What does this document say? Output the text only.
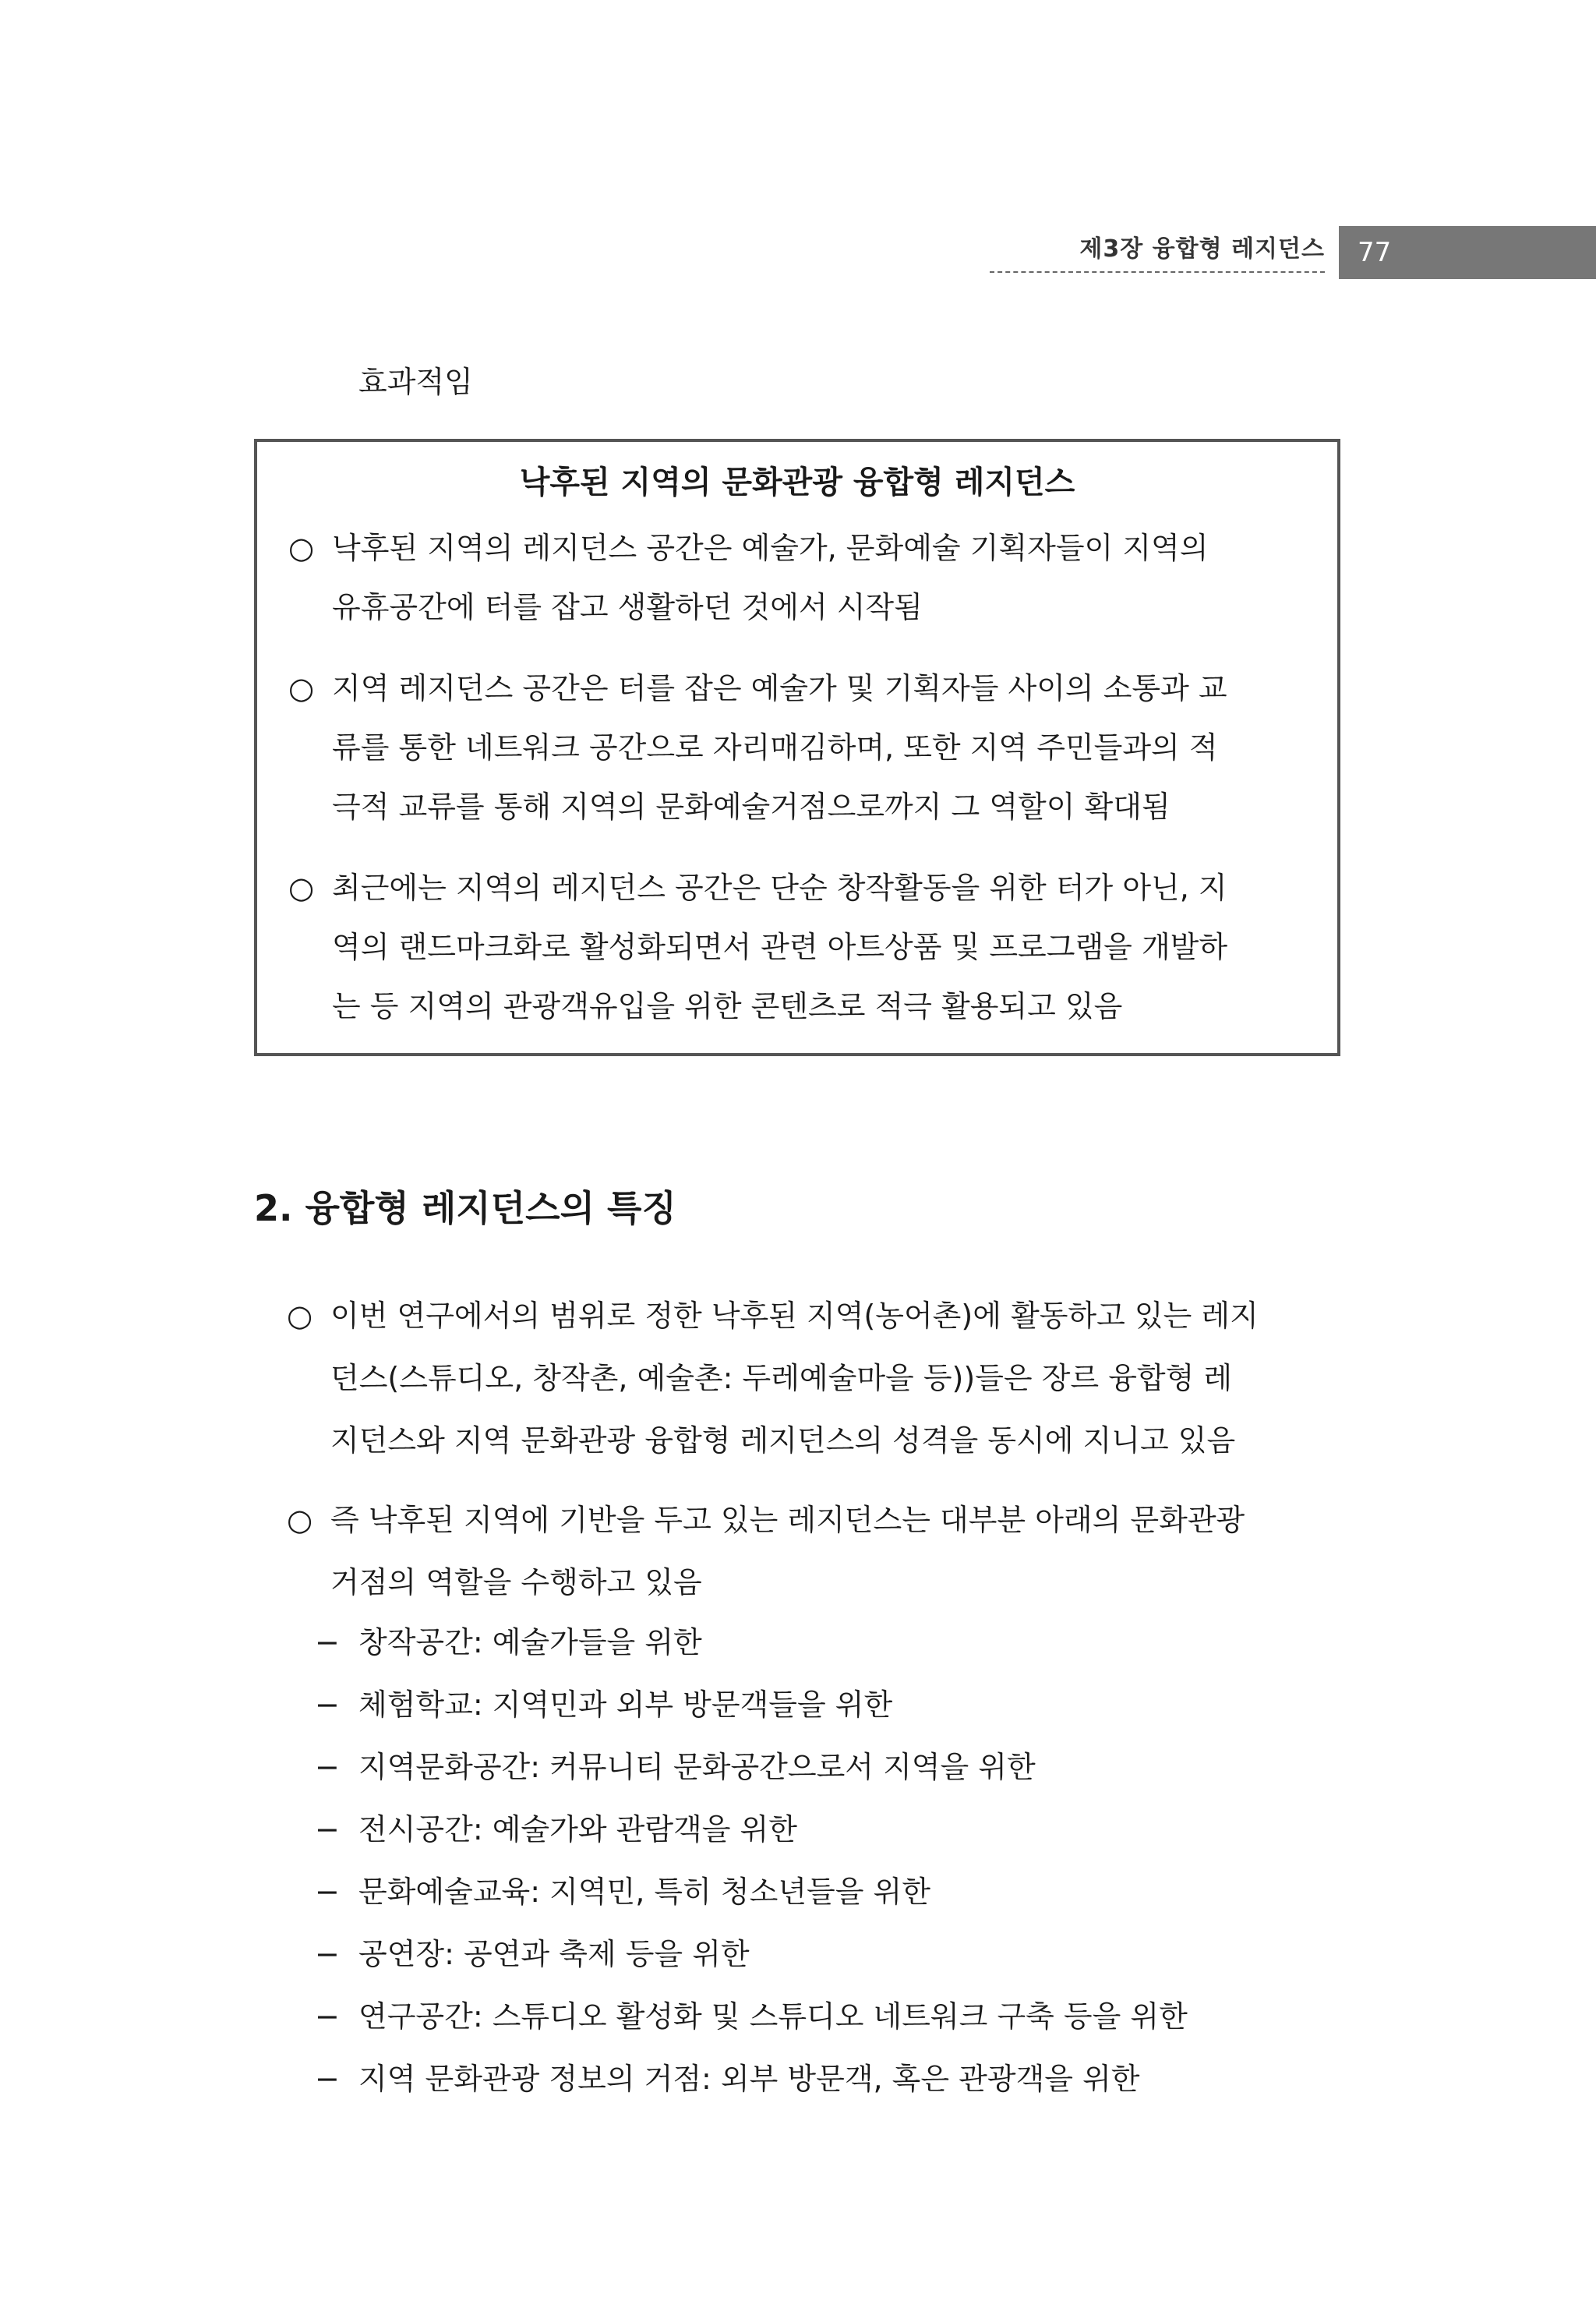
제3장 융합형 레지던스	77
효과적임
낙후된 지역의 문화관광 융합형 레지던스
○ 낙후된 지역의 레지던스 공간은 예술가, 문화예술 기획자들이 지역의
유휴공간에 터를 잡고 생활하던 것에서 시작됨
○ 지역 레지던스 공간은 터를 잡은 예술가 및 기획자들 사이의 소통과 교
류를 통한 네트워크 공간으로 자리매김하며, 또한 지역 주민들과의 적
극적 교류를 통해 지역의 문화예술거점으로까지 그 역할이 확대됨
○ 최근에는 지역의 레지던스 공간은 단순 창작활동을 위한 터가 아닌, 지
역의 랜드마크화로 활성화되면서 관련 아트상품 및 프로그램을 개발하
는 등 지역의 관광객유입을 위한 콘텐츠로 적극 활용되고 있음
2. 융합형 레지던스의 특징
○ 이번 연구에서의 범위로 정한 낙후된 지역(농어촌)에 활동하고 있는 레지
던스(스튜디오, 창작촌, 예술촌: 두레예술마을 등))들은 장르 융합형 레
지던스와 지역 문화관광 융합형 레지던스의 성격을 동시에 지니고 있음
○ 즉 낙후된 지역에 기반을 두고 있는 레지던스는 대부분 아래의 문화관광
거점의 역할을 수행하고 있음
− 창작공간: 예술가들을 위한
− 체험학교: 지역민과 외부 방문객들을 위한
− 지역문화공간: 커뮤니티 문화공간으로서 지역을 위한
− 전시공간: 예술가와 관람객을 위한
− 문화예술교육: 지역민, 특히 청소년들을 위한
− 공연장: 공연과 축제 등을 위한
− 연구공간: 스튜디오 활성화 및 스튜디오 네트워크 구축 등을 위한
− 지역 문화관광 정보의 거점: 외부 방문객, 혹은 관광객을 위한
